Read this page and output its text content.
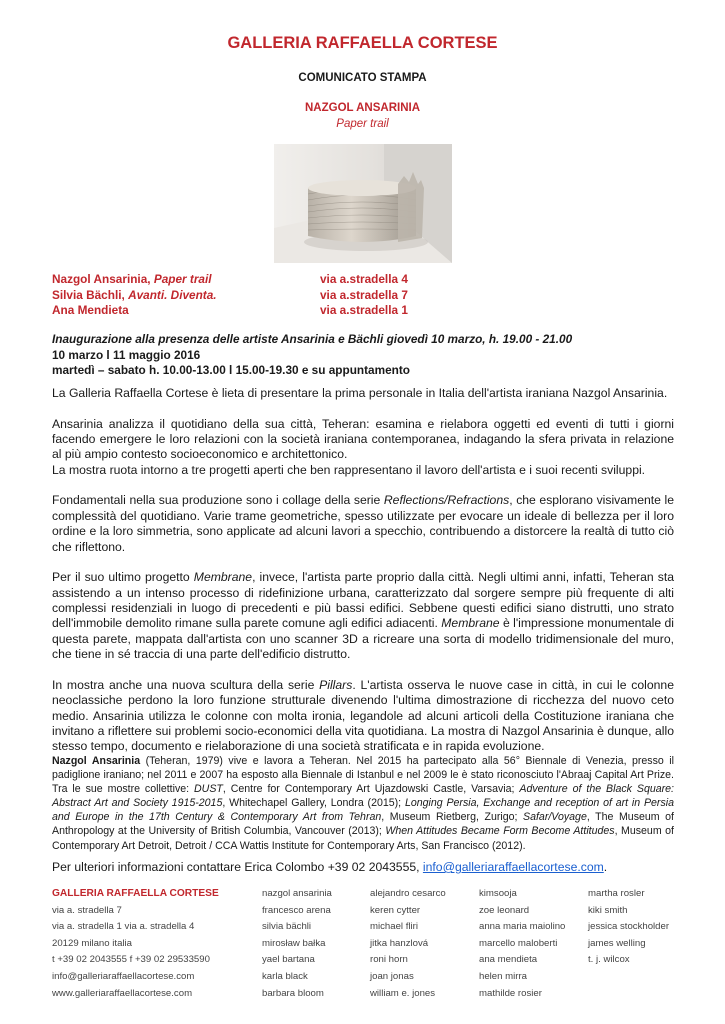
GALLERIA RAFFAELLA CORTESE
COMUNICATO STAMPA
NAZGOL ANSARINIA
Paper trail
Nazgol Ansarinia, Paper trail	via a.stradella 4
Silvia Bächli, Avanti. Diventa.	via a.stradella 7
Ana Mendieta	via a.stradella 1
Inaugurazione alla presenza delle artiste Ansarinia e Bächli giovedì 10 marzo, h. 19.00 - 21.00
10 marzo l 11 maggio 2016
martedì – sabato h. 10.00-13.00 l 15.00-19.30 e su appuntamento

La Galleria Raffaella Cortese è lieta di presentare la prima personale in Italia dell'artista iraniana Nazgol Ansarinia.

Ansarinia analizza il quotidiano della sua città, Teheran: esamina e rielabora oggetti ed eventi di tutti i giorni facendo emergere le loro relazioni con la società iraniana contemporanea, indagando la sfera privata in relazione al più ampio contesto socioeconomico e architettonico.
La mostra ruota intorno a tre progetti aperti che ben rappresentano il lavoro dell'artista e i suoi recenti sviluppi.

Fondamentali nella sua produzione sono i collage della serie Reflections/Refractions, che esplorano visivamente le complessità del quotidiano. Varie trame geometriche, spesso utilizzate per evocare un ideale di bellezza per il loro ordine e la loro simmetria, sono applicate ad alcuni lavori a specchio, contribuendo a distorcere la realtà di tutto ciò che riflettono.

Per il suo ultimo progetto Membrane, invece, l'artista parte proprio dalla città. Negli ultimi anni, infatti, Teheran sta assistendo a un intenso processo di ridefinizione urbana, caratterizzato dal sorgere sempre più frequente di alti complessi residenziali in luogo di precedenti e più bassi edifici. Sebbene questi edifici siano distrutti, uno strato dell'immobile demolito rimane sulla parete comune agli edifici adiacenti. Membrane è l'impressione monumentale di questa parete, mappata dall'artista con uno scanner 3D a ricreare una sorta di modello tridimensionale del muro, che tiene in sé traccia di una parte dell'edificio distrutto.

In mostra anche una nuova scultura della serie Pillars. L'artista osserva le nuove case in città, in cui le colonne neoclassiche perdono la loro funzione strutturale divenendo l'ultima dimostrazione di ricchezza del nuovo ceto medio. Ansarinia utilizza le colonne con molta ironia, legandole ad alcuni articoli della Costituzione iraniana che invitano a riflettere sui problemi socio-economici della vita quotidiana. La mostra di Nazgol Ansarinia è dunque, allo stesso tempo, documento e rielaborazione di una società stratificata e in rapida evoluzione.

Nazgol Ansarinia (Teheran, 1979) vive e lavora a Teheran. Nel 2015 ha partecipato alla 56° Biennale di Venezia, presso il padiglione iraniano; nel 2011 e 2007 ha esposto alla Biennale di Istanbul e nel 2009 le è stato riconosciuto l'Abraaj Capital Art Prize. Tra le sue mostre collettive: DUST, Centre for Contemporary Art Ujazdowski Castle, Varsavia; Adventure of the Black Square: Abstract Art and Society 1915-2015, Whitechapel Gallery, Londra (2015); Longing Persia, Exchange and reception of art in Persia and Europe in the 17th Century & Contemporary Art from Tehran, Museum Rietberg, Zurigo; Safar/Voyage, The Museum of Anthropology at the University of British Columbia, Vancouver (2013); When Attitudes Became Form Become Attitudes, Museum of Contemporary Art Detroit, Detroit / CCA Wattis Institute for Contemporary Arts, San Francisco (2012).
Per ulteriori informazioni contattare Erica Colombo +39 02 2043555, info@galleriaraffaellacortese.com.
GALLERIA RAFFAELLA CORTESE
via a. stradella 7
via a. stradella 1 via a. stradella 4
20129 milano italia
t +39 02 2043555 f +39 02 29533590
info@galleriaraffaellacortese.com
www.galleriaraffaellacortese.com
nazgol ansarinia
francesco arena
silvia bächli
mirosław bałka
yael bartana
karla black
barbara bloom
alejandro cesarco
keren cytter
michael fliri
jitka hanzlová
roni horn
joan jonas
william e. jones
kimsooja
zoe leonard
anna maria maiolino
marcello maloberti
ana mendieta
helen mirra
mathilde rosier
martha rosler
kiki smith
jessica stockholder
james welling
t. j. wilcox
